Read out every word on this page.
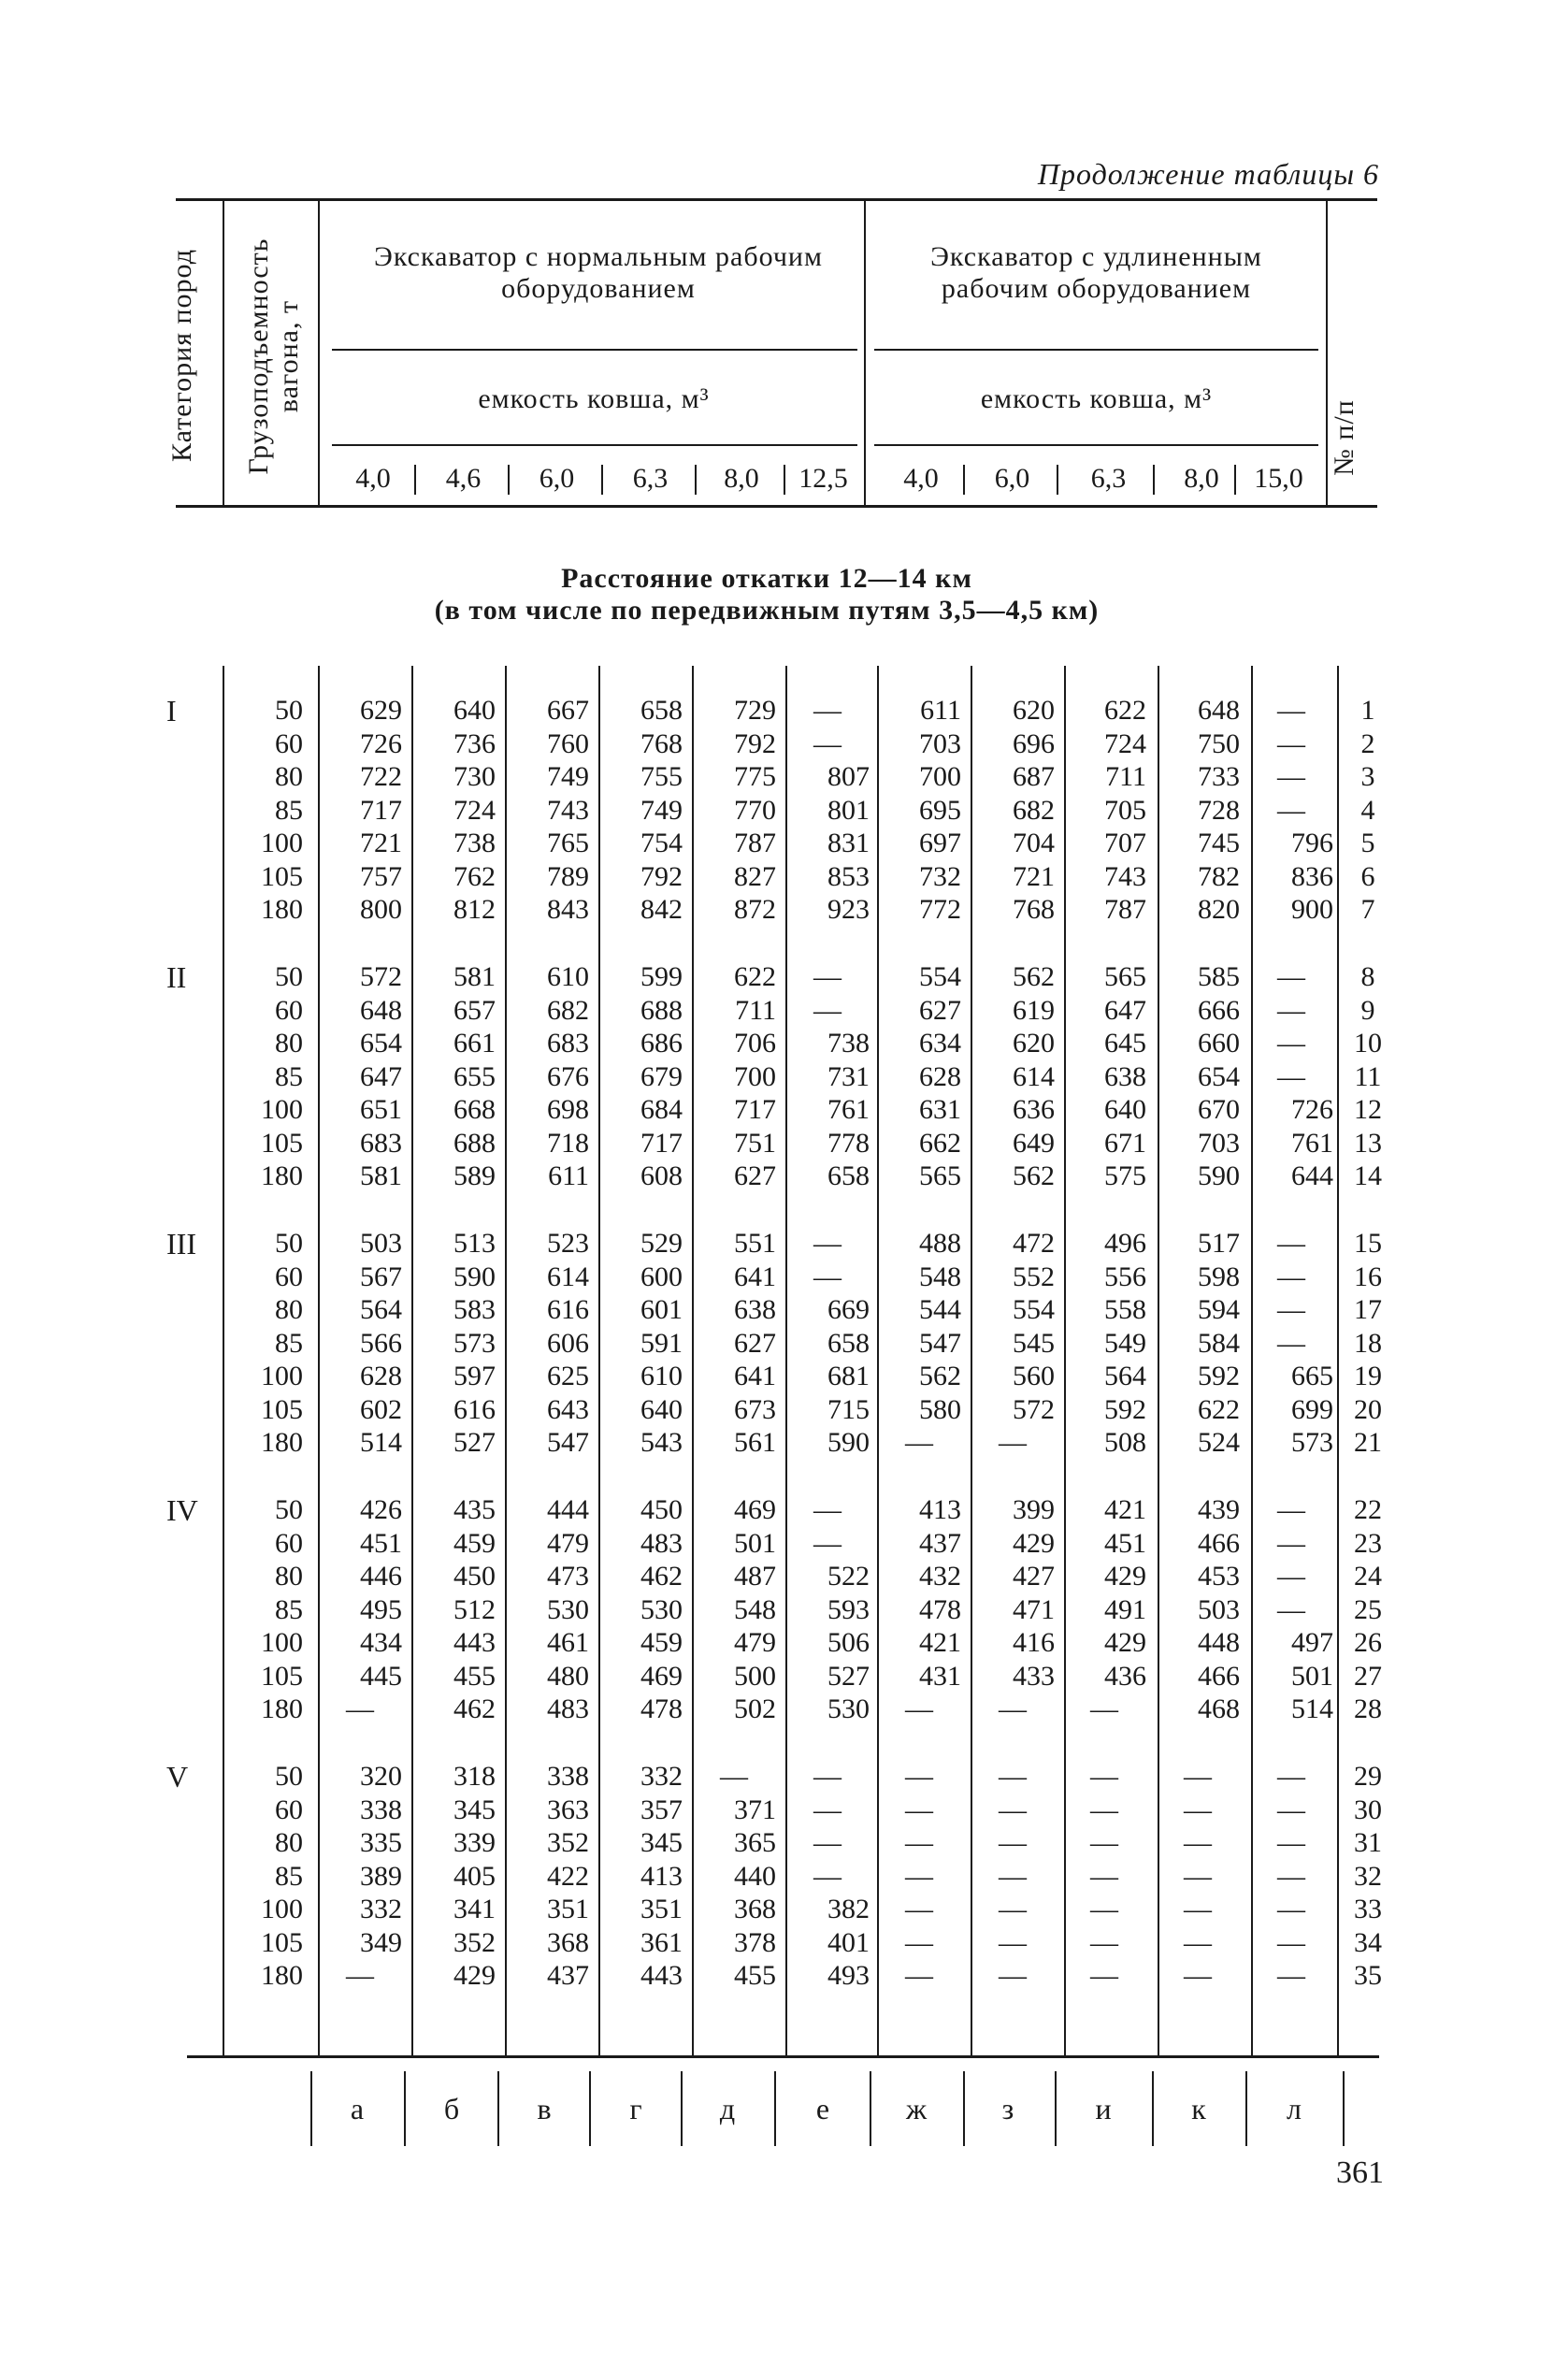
Продолжение таблицы 6
Категория пород Грузоподъемность вагона, т
№ п/п
Экскаватор с нормальным рабочим оборудованием
Экскаватор с удлиненным рабочим оборудованием
емкость ковша, м³	емкость ковша, м³
4,0	4,6	6,0	6,3	8,0	12,5	4,0	6,0	6,3	8,0	15,0
Расстояние откатки 12—14 км
(в том числе по передвижным путям 3,5—4,5 км)
I	50	629	640	667	658	729	—	611	620	622	648	—	1
60	726	736	760	768	792	—	703	696	724	750	—	2
80	722	730	749	755	775	807	700	687	711	733	—	3
85	717	724	743	749	770	801	695	682	705	728	—	4
100	721	738	765	754	787	831	697	704	707	745	796 5
105	757	762	789	792	827	853	732	721	743	782	836 6
180	800	812	843	842	872	923	772	768	787	820	900 7
II	50	572	581	610	599	622	—	554	562	565	585	—	8
60	648	657	682	688	711	—	627	619	647	666	—	9
80	654	661	683	686	706	738	634	620	645	660	—	10
85	647	655	676	679	700	731	628	614	638	654	—	11
100	651	668	698	684	717	761	631	636	640	670	726 12
105	683	688	718	717	751	778	662	649	671	703	761 13
180	581	589	611	608	627	658	565	562	575	590	644 14
III	50	503	513	523	529	551	—	488	472	496	517	—	15
60	567	590	614	600	641	—	548	552	556	598	—	16
80	564	583	616	601	638	669	544	554	558	594	—	17
85	566	573	606	591	627	658	547	545	549	584	—	18
100	628	597	625	610	641	681	562	560	564	592	665 19
105	602	616	643	640	673	715	580	572	592	622	699 20
180	514	527	547	543	561	590	—	—	508	524	573 21
IV	50	426	435	444	450	469	—	413	399	421	439	—	22
60	451	459	479	483	501	—	437	429	451	466	—	23
80	446	450	473	462	487	522	432	427	429	453	—	24
85	495	512	530	530	548	593	478	471	491	503	—	25
100	434	443	461	459	479	506	421	416	429	448	497 26
105	445	455	480	469	500	527	431	433	436	466	501 27
180	—	462	483	478	502	530	—	—	—	468	514 28
V	50	320	318	338	332	—	—	—	—	—	—	—	29
60	338	345	363	357	371	—	—	—	—	—	—	30
80	335	339	352	345	365	—	—	—	—	—	—	31
85	389	405	422	413	440	—	—	—	—	—	—	32
100	332	341	351	351	368	382	—	—	—	—	—	33
105	349	352	368	361	378	401	—	—	—	—	—	34
180	—	429	437	443	455	493	—	—	—	—	—	35
а	б	в	г	д	е	ж	з	и	к	л
361
